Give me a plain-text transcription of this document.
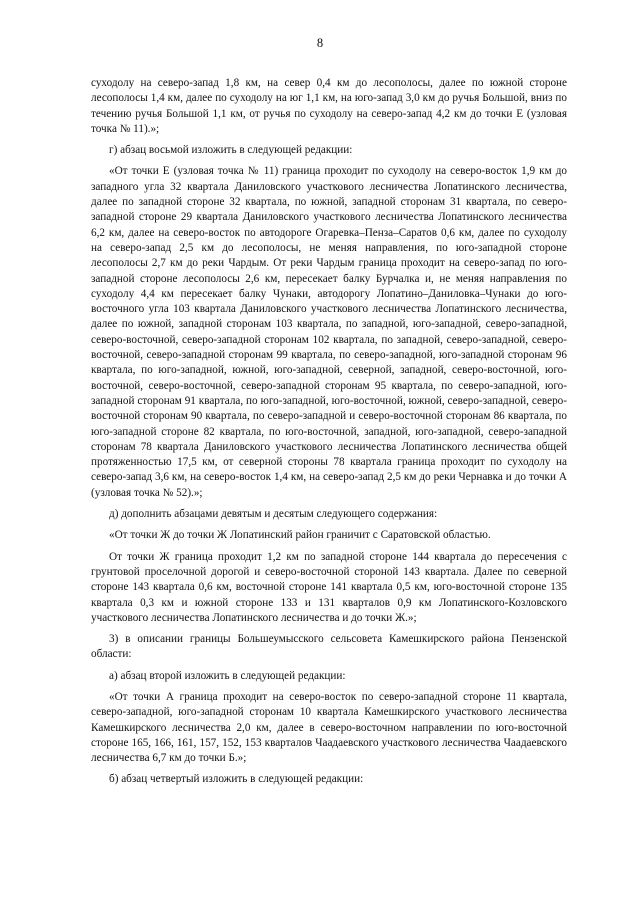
8

суходолу на северо-запад 1,8 км, на север 0,4 км до лесополосы, далее по южной стороне лесополосы 1,4 км, далее по суходолу на юг 1,1 км, на юго-запад 3,0 км до ручья Большой, вниз по течению ручья Большой 1,1 км, от ручья по суходолу на северо-запад 4,2 км до точки Е (узловая точка № 11).»;

г) абзац восьмой изложить в следующей редакции:

«От точки Е (узловая точка № 11) граница проходит по суходолу на северо-восток 1,9 км до западного угла 32 квартала Даниловского участкового лесничества Лопатинского лесничества, далее по западной стороне 32 квартала, по южной, западной сторонам 31 квартала, по северо-западной стороне 29 квартала Даниловского участкового лесничества Лопатинского лесничества 6,2 км, далее на северо-восток по автодороге Огаревка–Пенза–Саратов 0,6 км, далее по суходолу на северо-запад 2,5 км до лесополосы, не меняя направления, по юго-западной стороне лесополосы 2,7 км до реки Чардым. От реки Чардым граница проходит на северо-запад по юго-западной стороне лесополосы 2,6 км, пересекает балку Бурчалка и, не меняя направления по суходолу 4,4 км пересекает балку Чунаки, автодорогу Лопатино–Даниловка–Чунаки до юго-восточного угла 103 квартала Даниловского участкового лесничества Лопатинского лесничества, далее по южной, западной сторонам 103 квартала, по западной, юго-западной, северо-западной, северо-восточной, северо-западной сторонам 102 квартала, по западной, северо-западной, северо-восточной, северо-западной сторонам 99 квартала, по северо-западной, юго-западной сторонам 96 квартала, по юго-западной, южной, юго-западной, северной, западной, северо-восточной, юго-восточной, северо-восточной, северо-западной сторонам 95 квартала, по северо-западной, юго-западной сторонам 91 квартала, по юго-западной, юго-восточной, южной, северо-западной, северо-восточной сторонам 90 квартала, по северо-западной и северо-восточной сторонам 86 квартала, по юго-западной стороне 82 квартала, по юго-восточной, западной, юго-западной, северо-западной сторонам 78 квартала Даниловского участкового лесничества Лопатинского лесничества общей протяженностью 17,5 км, от северной стороны 78 квартала граница проходит по суходолу на северо-запад 3,6 км, на северо-восток 1,4 км, на северо-запад 2,5 км до реки Чернавка и до точки А (узловая точка № 52).»;

д) дополнить абзацами девятым и десятым следующего содержания:

«От точки Ж до точки Ж Лопатинский район граничит с Саратовской областью.

От точки Ж граница проходит 1,2 км по западной стороне 144 квартала до пересечения с грунтовой проселочной дорогой и северо-восточной стороной 143 квартала. Далее по северной стороне 143 квартала 0,6 км, восточной стороне 141 квартала 0,5 км, юго-восточной стороне 135 квартала 0,3 км и южной стороне 133 и 131 кварталов 0,9 км Лопатинского-Козловского участкового лесничества Лопатинского лесничества и до точки Ж.»;

3) в описании границы Большеумысского сельсовета Камешкирского района Пензенской области:

а) абзац второй изложить в следующей редакции:

«От точки А граница проходит на северо-восток по северо-западной стороне 11 квартала, северо-западной, юго-западной сторонам 10 квартала Камешкирского участкового лесничества Камешкирского лесничества 2,0 км, далее в северо-восточном направлении по юго-восточной стороне 165, 166, 161, 157, 152, 153 кварталов Чаадаевского участкового лесничества Чаадаевского лесничества 6,7 км до точки Б.»;

б) абзац четвертый изложить в следующей редакции:
